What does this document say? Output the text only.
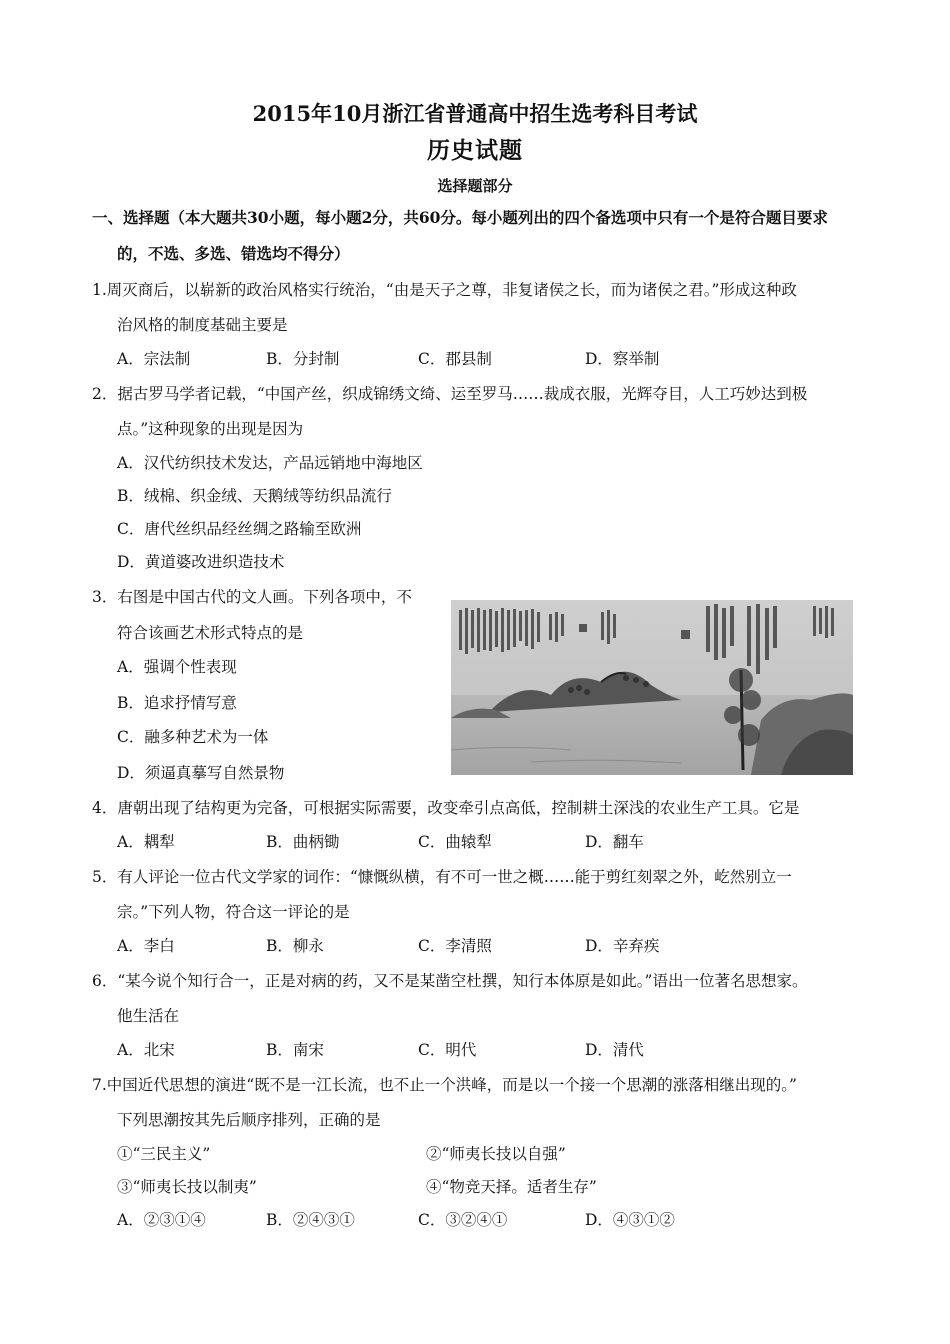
2015年10月浙江省普通高中招生选考科目考试
历史试题
选择题部分
一、选择题（本大题共30小题，每小题2分，共60分。每小题列出的四个备选项中只有一个是符合题目要求
的，不选、多选、错选均不得分）
1.周灭商后，以崭新的政治风格实行统治，“由是天子之尊，非复诸侯之长，而为诸侯之君。”形成这种政
治风格的制度基础主要是
A．宗法制	B．分封制	C．郡县制	D．察举制
2．据古罗马学者记载，“中国产丝，织成锦绣文绮、运至罗马……裁成衣服，光辉夺目，人工巧妙达到极
点。”这种现象的出现是因为
A．汉代纺织技术发达，产品远销地中海地区
B．绒棉、织金绒、天鹅绒等纺织品流行
C．唐代丝织品经丝绸之路输至欧洲
D．黄道婆改进织造技术
3．右图是中国古代的文人画。下列各项中，不
符合该画艺术形式特点的是
A．强调个性表现
B．追求抒情写意
C．融多种艺术为一体
D．须逼真摹写自然景物
4．唐朝出现了结构更为完备，可根据实际需要，改变牵引点高低，控制耕土深浅的农业生产工具。它是
A．耦犁	B．曲柄锄	C．曲辕犁	D．翻车
5．有人评论一位古代文学家的词作：“慷慨纵横，有不可一世之概……能于剪红刻翠之外，屹然别立一
宗。”下列人物，符合这一评论的是
A．李白	B．柳永	C．李清照	D．辛弃疾
6．“某今说个知行合一，正是对病的药，又不是某凿空杜撰，知行本体原是如此。”语出一位著名思想家。
他生活在
A．北宋	B．南宋	C．明代	D．清代
7.中国近代思想的演进“既不是一江长流，也不止一个洪峰，而是以一个接一个思潮的涨落相继出现的。”
下列思潮按其先后顺序排列，正确的是
①“三民主义”	②“师夷长技以自强”
③“师夷长技以制夷”	④“物竞天择。适者生存”
A．②③①④	B．②④③①	C．③②④①	D．④③①②
